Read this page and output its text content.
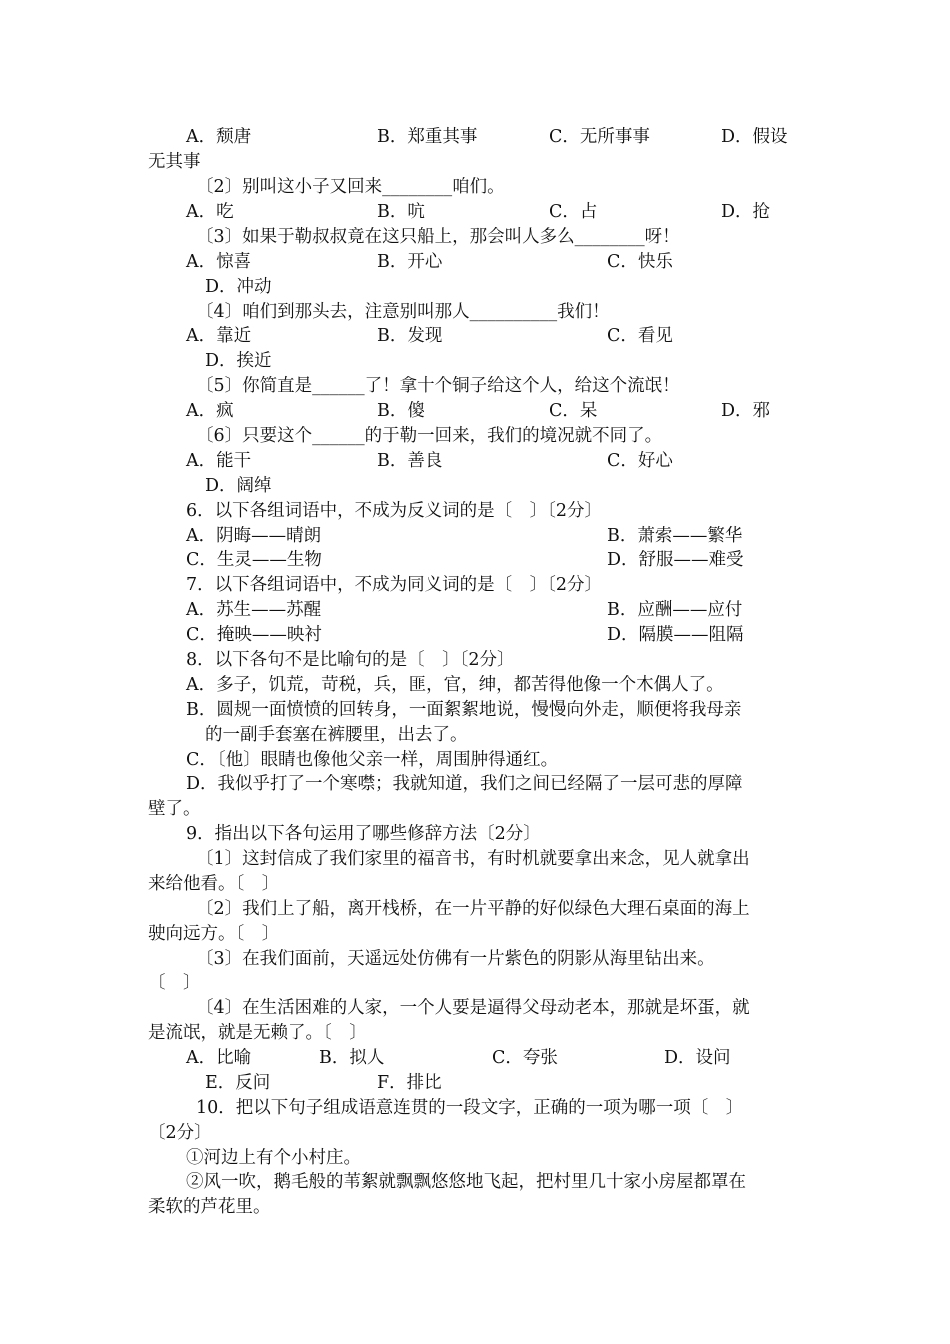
A．颓唐	B．郑重其事	C．无所事事	D．假设
无其事
〔2〕别叫这小子又回来________咱们。
A．吃	B．吭	C．占	D．抢
〔3〕如果于勒叔叔竟在这只船上，那会叫人多么________呀！
A．惊喜	B．开心	C．快乐
D．冲动
〔4〕咱们到那头去，注意别叫那人__________我们！
A．靠近	B．发现	C．看见
D．挨近
〔5〕你简直是______了！拿十个铜子给这个人，给这个流氓！
A．疯	B．傻	C．呆	D．邪
〔6〕只要这个______的于勒一回来，我们的境况就不同了。
A．能干	B．善良	C．好心
D．阔绰
6．以下各组词语中，不成为反义词的是〔　〕〔2分〕
A．阴晦——晴朗	B．萧索——繁华
C．生灵——生物	D．舒服——难受
7．以下各组词语中，不成为同义词的是〔　〕〔2分〕
A．苏生——苏醒	B．应酬——应付
C．掩映——映衬	D．隔膜——阻隔
8．以下各句不是比喻句的是〔　〕〔2分〕
A．多子，饥荒，苛税，兵，匪，官，绅，都苦得他像一个木偶人了。
B．圆规一面愤愤的回转身，一面絮絮地说，慢慢向外走，顺便将我母亲
的一副手套塞在裤腰里，出去了。
C．〔他〕眼睛也像他父亲一样，周围肿得通红。
D．我似乎打了一个寒噤；我就知道，我们之间已经隔了一层可悲的厚障
壁了。
9．指出以下各句运用了哪些修辞方法〔2分〕
〔1〕这封信成了我们家里的福音书，有时机就要拿出来念，见人就拿出
来给他看。〔　〕
〔2〕我们上了船，离开栈桥，在一片平静的好似绿色大理石桌面的海上
驶向远方。〔　〕
〔3〕在我们面前，天遥远处仿佛有一片紫色的阴影从海里钻出来。
〔　〕
〔4〕在生活困难的人家，一个人要是逼得父母动老本，那就是坏蛋，就
是流氓，就是无赖了。〔　〕
A．比喻	B．拟人	C．夸张	D．设问
E．反问	F．排比
10．把以下句子组成语意连贯的一段文字，正确的一项为哪一项〔　〕
〔2分〕
①河边上有个小村庄。
②风一吹，鹅毛般的苇絮就飘飘悠悠地飞起，把村里几十家小房屋都罩在
柔软的芦花里。
